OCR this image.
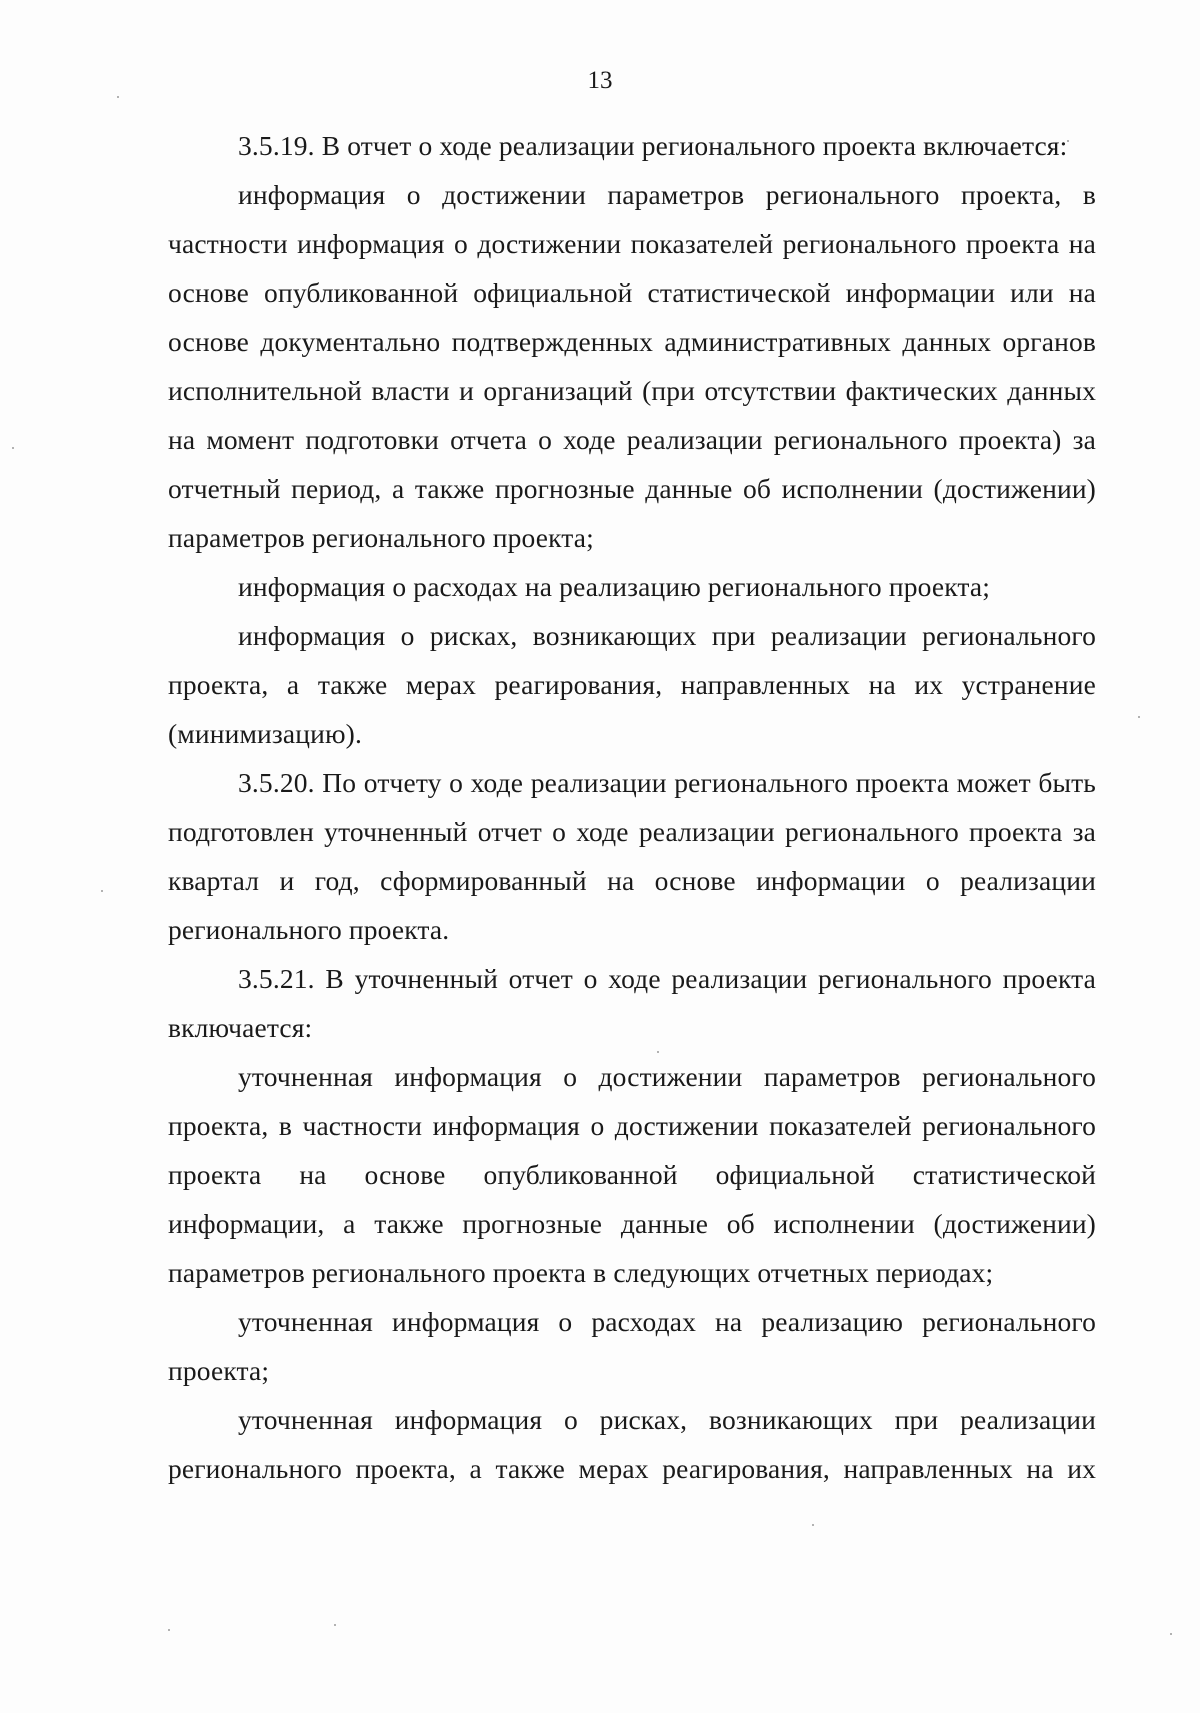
13

3.5.19. В отчет о ходе реализации регионального проекта включается:

информация о достижении параметров регионального проекта, в частности информация о достижении показателей регионального проекта на основе опубликованной официальной статистической информации или на основе документально подтвержденных административных данных органов исполнительной власти и организаций (при отсутствии фактических данных на момент подготовки отчета о ходе реализации регионального проекта) за отчетный период, а также прогнозные данные об исполнении (достижении) параметров регионального проекта;

информация о расходах на реализацию регионального проекта;

информация о рисках, возникающих при реализации регионального проекта, а также мерах реагирования, направленных на их устранение (минимизацию).

3.5.20. По отчету о ходе реализации регионального проекта может быть подготовлен уточненный отчет о ходе реализации регионального проекта за квартал и год, сформированный на основе информации о реализации регионального проекта.

3.5.21. В уточненный отчет о ходе реализации регионального проекта включается:

уточненная информация о достижении параметров регионального проекта, в частности информация о достижении показателей регионального проекта на основе опубликованной официальной статистической информации, а также прогнозные данные об исполнении (достижении) параметров регионального проекта в следующих отчетных периодах;

уточненная информация о расходах на реализацию регионального проекта;

уточненная информация о рисках, возникающих при реализации регионального проекта, а также мерах реагирования, направленных на их
